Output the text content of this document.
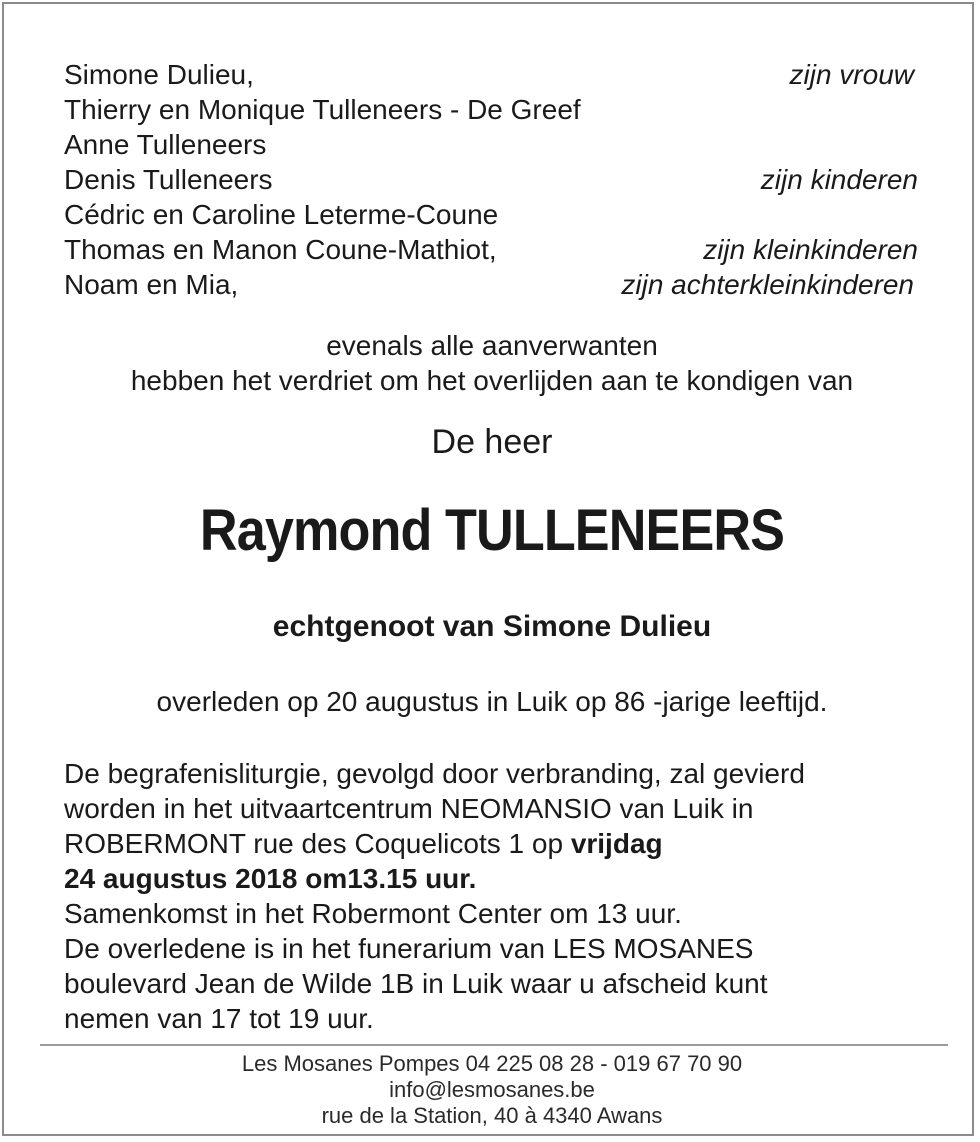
Simone Dulieu,	zijn vrouw
Thierry en Monique Tulleneers - De Greef
Anne Tulleneers
Denis Tulleneers	zijn kinderen
Cédric en Caroline Leterme-Coune
Thomas en Manon Coune-Mathiot,	zijn kleinkinderen
Noam en Mia,	zijn achterkleinkinderen
evenals alle aanverwanten
hebben het verdriet om het overlijden aan te kondigen van
De heer
Raymond TULLENEERS
echtgenoot van Simone Dulieu
overleden op 20 augustus in Luik op 86 -jarige leeftijd.
De begrafenisliturgie, gevolgd door verbranding, zal gevierd
worden in het uitvaartcentrum NEOMANSIO van Luik in
ROBERMONT rue des Coquelicots 1 op vrijdag
24 augustus 2018 om13.15 uur.
Samenkomst in het Robermont Center om 13 uur.
De overledene is in het funerarium van LES MOSANES
boulevard Jean de Wilde 1B in Luik waar u afscheid kunt
nemen van 17 tot 19 uur.
Les Mosanes Pompes 04 225 08 28 - 019 67 70 90
info@lesmosanes.be
rue de la Station, 40 à 4340 Awans
